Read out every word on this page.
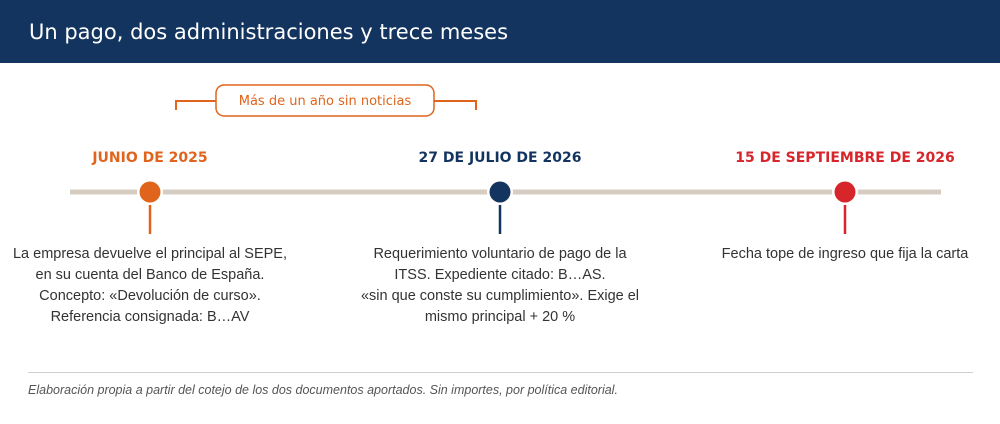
Un pago, dos administraciones y trece meses
Más de un año sin noticias
JUNIO DE 2025	27 DE JULIO DE 2026	15 DE SEPTIEMBRE DE 2026
La empresa devuelve el principal al SEPE,
en su cuenta del Banco de España.
Concepto: «Devolución de curso».
Referencia consignada: B…AV
Requerimiento voluntario de pago de la
ITSS. Expediente citado: B…AS.
«sin que conste su cumplimiento». Exige el
mismo principal + 20 %
Fecha tope de ingreso que fija la carta
Elaboración propia a partir del cotejo de los dos documentos aportados. Sin importes, por política editorial.
